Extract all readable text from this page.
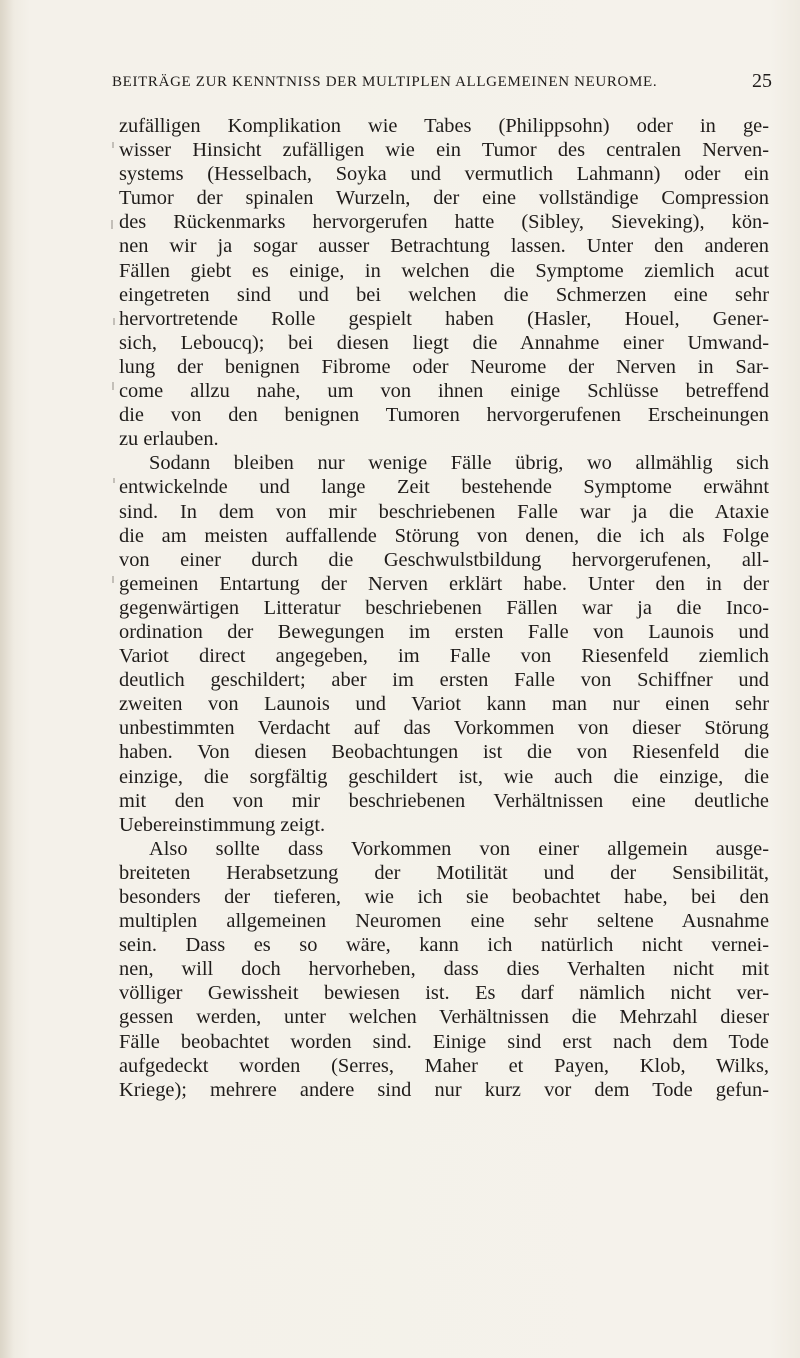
BEITRÄGE ZUR KENNTNISS DER MULTIPLEN ALLGEMEINEN NEUROME.	25
zufälligen Komplikation wie Tabes (Philippsohn) oder in ge-
wisser Hinsicht zufälligen wie ein Tumor des centralen Nerven-
systems (Hesselbach, Soyka und vermutlich Lahmann) oder ein
Tumor der spinalen Wurzeln, der eine vollständige Compression
des Rückenmarks hervorgerufen hatte (Sibley, Sieveking), kön-
nen wir ja sogar ausser Betrachtung lassen. Unter den anderen
Fällen giebt es einige, in welchen die Symptome ziemlich acut
eingetreten sind und bei welchen die Schmerzen eine sehr
hervortretende Rolle gespielt haben (Hasler, Houel, Gener-
sich, Leboucq); bei diesen liegt die Annahme einer Umwand-
lung der benignen Fibrome oder Neurome der Nerven in Sar-
come allzu nahe, um von ihnen einige Schlüsse betreffend
die von den benignen Tumoren hervorgerufenen Erscheinungen
zu erlauben.
Sodann bleiben nur wenige Fälle übrig, wo allmählig sich
entwickelnde und lange Zeit bestehende Symptome erwähnt
sind. In dem von mir beschriebenen Falle war ja die Ataxie
die am meisten auffallende Störung von denen, die ich als Folge
von einer durch die Geschwulstbildung hervorgerufenen, all-
gemeinen Entartung der Nerven erklärt habe. Unter den in der
gegenwärtigen Litteratur beschriebenen Fällen war ja die Inco-
ordination der Bewegungen im ersten Falle von Launois und
Variot direct angegeben, im Falle von Riesenfeld ziemlich
deutlich geschildert; aber im ersten Falle von Schiffner und
zweiten von Launois und Variot kann man nur einen sehr
unbestimmten Verdacht auf das Vorkommen von dieser Störung
haben. Von diesen Beobachtungen ist die von Riesenfeld die
einzige, die sorgfältig geschildert ist, wie auch die einzige, die
mit den von mir beschriebenen Verhältnissen eine deutliche
Uebereinstimmung zeigt.
Also sollte dass Vorkommen von einer allgemein ausge-
breiteten Herabsetzung der Motilität und der Sensibilität,
besonders der tieferen, wie ich sie beobachtet habe, bei den
multiplen allgemeinen Neuromen eine sehr seltene Ausnahme
sein. Dass es so wäre, kann ich natürlich nicht vernei-
nen, will doch hervorheben, dass dies Verhalten nicht mit
völliger Gewissheit bewiesen ist. Es darf nämlich nicht ver-
gessen werden, unter welchen Verhältnissen die Mehrzahl dieser
Fälle beobachtet worden sind. Einige sind erst nach dem Tode
aufgedeckt worden (Serres, Maher et Payen, Klob, Wilks,
Kriege); mehrere andere sind nur kurz vor dem Tode gefun-
